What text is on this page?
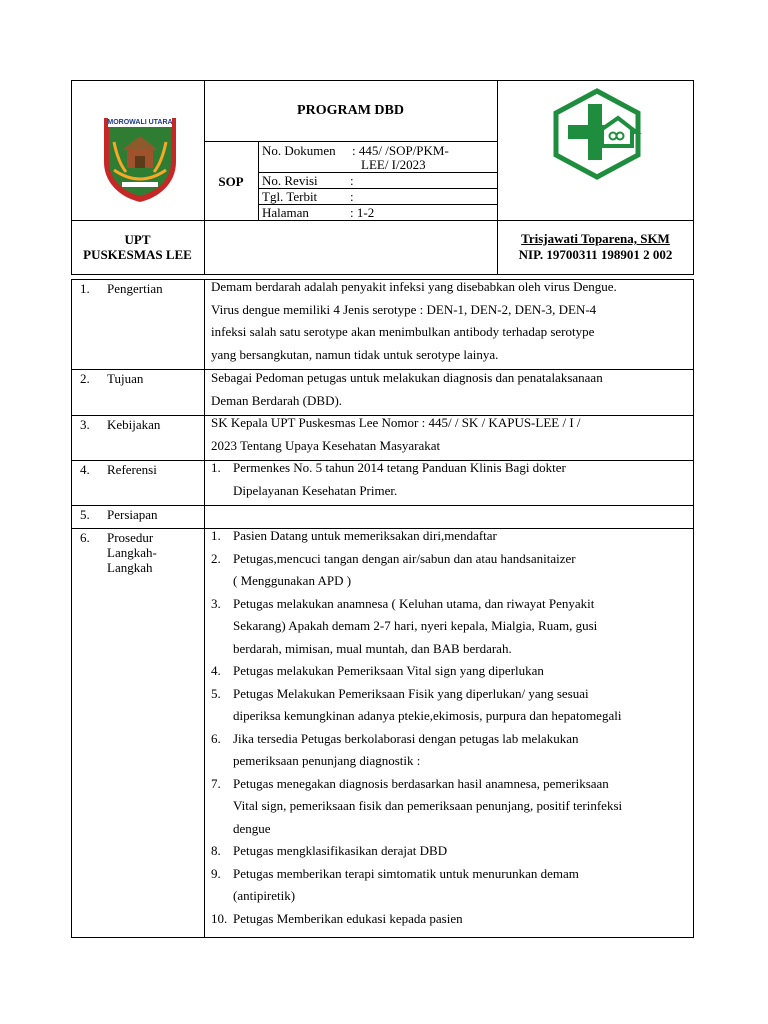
MOROWALI UTARA
PROGRAM DBD
SOP
No. Dokumen : 445/ /SOP/PKM-
LEE/ I/2023
No. Revisi :
Tgl. Terbit	:
Halaman	: 1-2
UPT
PUSKESMAS LEE
Trisjawati Toparena, SKM
NIP. 19700311 198901 2 002
1.	Pengertian	Demam berdarah adalah penyakit infeksi yang disebabkan oleh virus Dengue.
Virus dengue memiliki 4 Jenis serotype : DEN-1, DEN-2, DEN-3, DEN-4
infeksi salah satu serotype akan menimbulkan antibody terhadap serotype
yang bersangkutan, namun tidak untuk serotype lainya.
2.	Tujuan	Sebagai Pedoman petugas untuk melakukan diagnosis dan penatalaksanaan
Deman Berdarah (DBD).
3.	Kebijakan	SK Kepala UPT Puskesmas Lee Nomor : 445/ / SK / KAPUS-LEE / I /
2023 Tentang Upaya Kesehatan Masyarakat
4.	Referensi	1. Permenkes No. 5 tahun 2014 tetang Panduan Klinis Bagi dokter
Dipelayanan Kesehatan Primer.
5.	Persiapan
6.	Prosedur
Langkah-
Langkah
1. Pasien Datang untuk memeriksakan diri,mendaftar
2. Petugas,mencuci tangan dengan air/sabun dan atau handsanitaizer
( Menggunakan APD )
3. Petugas melakukan anamnesa ( Keluhan utama, dan riwayat Penyakit
Sekarang) Apakah demam 2-7 hari, nyeri kepala, Mialgia, Ruam, gusi
berdarah, mimisan, mual muntah, dan BAB berdarah.
4. Petugas melakukan Pemeriksaan Vital sign yang diperlukan
5. Petugas Melakukan Pemeriksaan Fisik yang diperlukan/ yang sesuai
diperiksa kemungkinan adanya ptekie,ekimosis, purpura dan hepatomegali
6. Jika tersedia Petugas berkolaborasi dengan petugas lab melakukan
pemeriksaan penunjang diagnostik :
7. Petugas menegakan diagnosis berdasarkan hasil anamnesa, pemeriksaan
Vital sign, pemeriksaan fisik dan pemeriksaan penunjang, positif terinfeksi
dengue
8. Petugas mengklasifikasikan derajat DBD
9. Petugas memberikan terapi simtomatik untuk menurunkan demam
(antipiretik)
10. Petugas Memberikan edukasi kepada pasien
